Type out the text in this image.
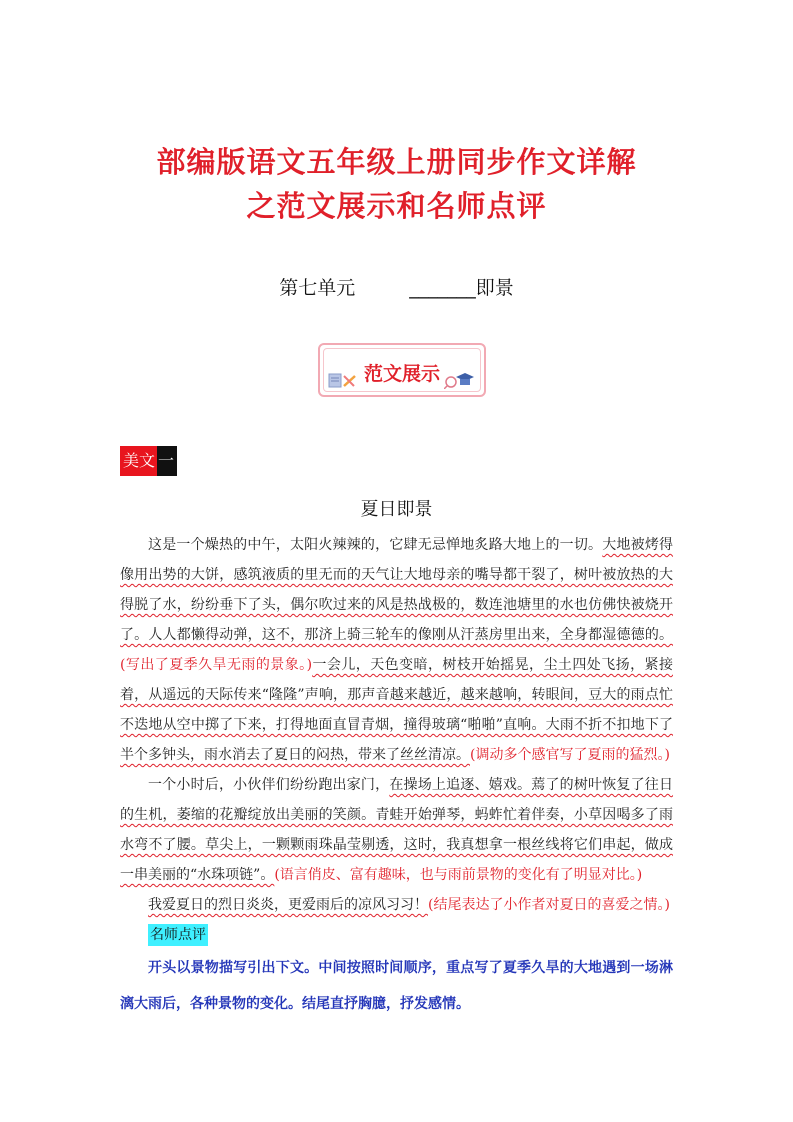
部编版语文五年级上册同步作文详解
之范文展示和名师点评
第七单元	_______即景
范文展示
美文 一
夏日即景

这是一个燥热的中午，太阳火辣辣的，它肆无忌惮地炙路大地上的一切。大地被烤得像用出势的大饼，感筑液质的里无而的天气让大地母亲的嘴导都干裂了，树叶被放热的大得脱了水，纷纷垂下了头，偶尔吹过来的风是热战极的，数连池塘里的水也仿佛快被烧开了。人人都懒得动弹，这不，那济上骑三轮车的像刚从汗蒸房里出来，全身都湿德德的。(写出了夏季久旱无雨的景象。)一会儿，天色变暗，树枝开始摇晃，尘土四处飞扬，紧接着，从遥远的天际传来“隆隆”声响，那声音越来越近，越来越响，转眼间，豆大的雨点忙不迭地从空中掷了下来，打得地面直冒青烟，撞得玻璃“啪啪”直响。大雨不折不扣地下了半个多钟头，雨水消去了夏日的闷热，带来了丝丝清凉。(调动多个感官写了夏雨的猛烈。)

一个小时后，小伙伴们纷纷跑出家门，在操场上追逐、嬉戏。蔫了的树叶恢复了往日的生机，萎缩的花瓣绽放出美丽的笑颜。青蛙开始弹琴，蚂蚱忙着伴奏，小草因喝多了雨水弯不了腰。草尖上，一颗颗雨珠晶莹剔透，这时，我真想拿一根丝线将它们串起，做成一串美丽的“水珠项链”。(语言俏皮、富有趣味，也与雨前景物的变化有了明显对比。)

我爱夏日的烈日炎炎，更爱雨后的凉风习习！(结尾表达了小作者对夏日的喜爱之情。)

名师点评

开头以景物描写引出下文。中间按照时间顺序，重点写了夏季久旱的大地遇到一场淋漓大雨后，各种景物的变化。结尾直抒胸臆，抒发感情。
